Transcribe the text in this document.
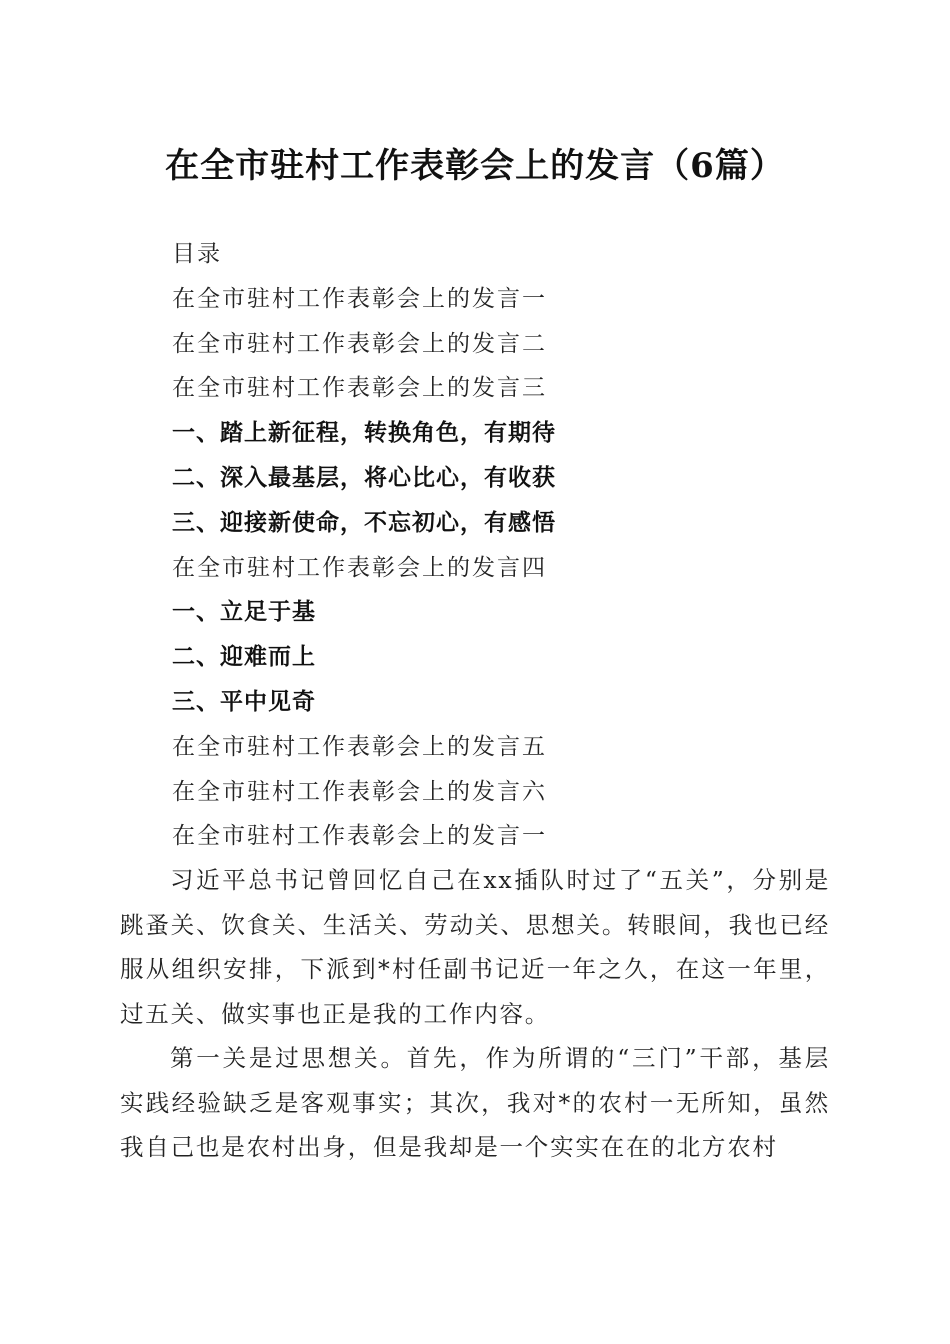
在全市驻村工作表彰会上的发言（6篇）
目录
在全市驻村工作表彰会上的发言一
在全市驻村工作表彰会上的发言二
在全市驻村工作表彰会上的发言三
一、踏上新征程，转换角色，有期待
二、深入最基层，将心比心，有收获
三、迎接新使命，不忘初心，有感悟
在全市驻村工作表彰会上的发言四
一、立足于基
二、迎难而上
三、平中见奇
在全市驻村工作表彰会上的发言五
在全市驻村工作表彰会上的发言六
在全市驻村工作表彰会上的发言一

习近平总书记曾回忆自己在xx插队时过了“五关”，分别是跳蚤关、饮食关、生活关、劳动关、思想关。转眼间，我也已经服从组织安排，下派到*村任副书记近一年之久，在这一年里，过五关、做实事也正是我的工作内容。

第一关是过思想关。首先，作为所谓的“三门”干部，基层实践经验缺乏是客观事实；其次，我对*的农村一无所知，虽然我自己也是农村出身，但是我却是一个实实在在的北方农村
